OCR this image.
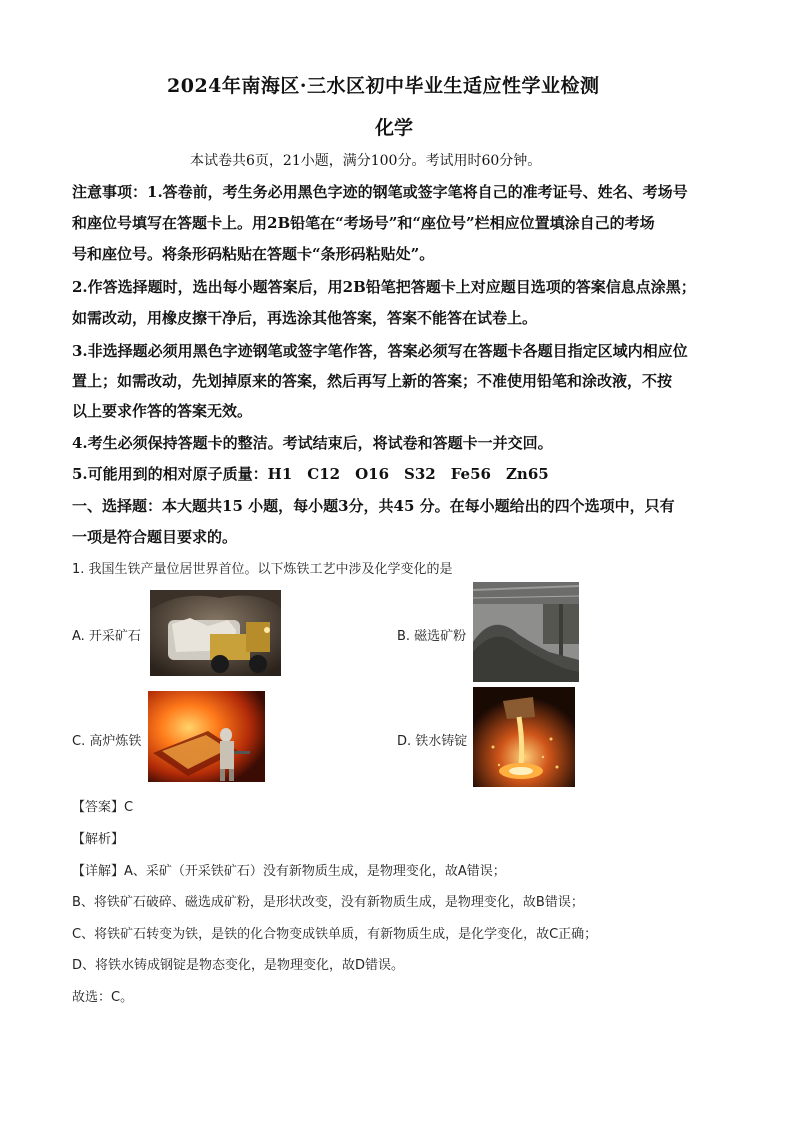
2024年南海区·三水区初中毕业生适应性学业检测
化学
本试卷共6页，21小题，满分100分。考试用时60分钟。
注意事项：1.答卷前，考生务必用黑色字迹的钢笔或签字笔将自己的准考证号、姓名、考场号
和座位号填写在答题卡上。用2B铅笔在“考场号”和“座位号”栏相应位置填涂自己的考场
号和座位号。将条形码粘贴在答题卡“条形码粘贴处”。
2.作答选择题时，选出每小题答案后，用2B铅笔把答题卡上对应题目选项的答案信息点涂黑；
如需改动，用橡皮擦干净后，再选涂其他答案，答案不能答在试卷上。
3.非选择题必须用黑色字迹钢笔或签字笔作答，答案必须写在答题卡各题目指定区域内相应位
置上；如需改动，先划掉原来的答案，然后再写上新的答案；不准使用铅笔和涂改液，不按
以上要求作答的答案无效。
4.考生必须保持答题卡的整洁。考试结束后，将试卷和答题卡一并交回。
5.可能用到的相对原子质量：H1　C12　O16　S32　Fe56　Zn65
一、选择题：本大题共15 小题，每小题3分，共45 分。在每小题给出的四个选项中，只有
一项是符合题目要求的。
1. 我国生铁产量位居世界首位。以下炼铁工艺中涉及化学变化的是
A. 开采矿石	B. 磁选矿粉
C. 高炉炼铁	D. 铁水铸锭
【答案】C
【解析】
【详解】A、采矿（开采铁矿石）没有新物质生成，是物理变化，故A错误；
B、将铁矿石破碎、磁选成矿粉，是形状改变，没有新物质生成，是物理变化，故B错误；
C、将铁矿石转变为铁，是铁的化合物变成铁单质，有新物质生成，是化学变化，故C正确；
D、将铁水铸成钢锭是物态变化，是物理变化，故D错误。
故选：C。
